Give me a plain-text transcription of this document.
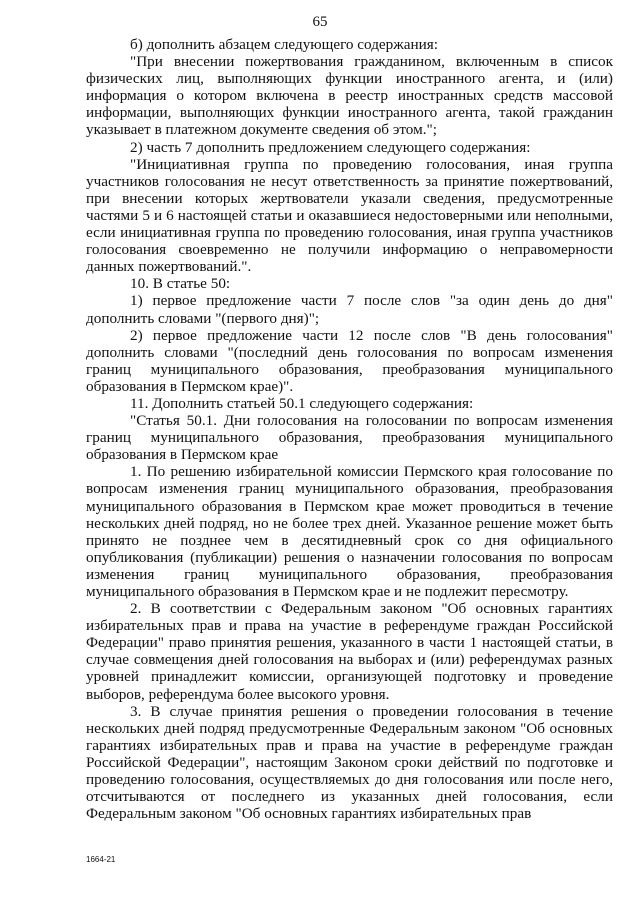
65

б) дополнить абзацем следующего содержания:

"При внесении пожертвования гражданином, включенным в список физических лиц, выполняющих функции иностранного агента, и (или) информация о котором включена в реестр иностранных средств массовой информации, выполняющих функции иностранного агента, такой гражданин указывает в платежном документе сведения об этом.";

2) часть 7 дополнить предложением следующего содержания:

"Инициативная группа по проведению голосования, иная группа участников голосования не несут ответственность за принятие пожертвований, при внесении которых жертвователи указали сведения, предусмотренные частями 5 и 6 настоящей статьи и оказавшиеся недостоверными или неполными, если инициативная группа по проведению голосования, иная группа участников голосования своевременно не получили информацию о неправомерности данных пожертвований.".

10. В статье 50:

1) первое предложение части 7 после слов "за один день до дня" дополнить словами "(первого дня)";

2) первое предложение части 12 после слов "В день голосования" дополнить словами "(последний день голосования по вопросам изменения границ муниципального образования, преобразования муниципального образования в Пермском крае)".

11. Дополнить статьей 50.1 следующего содержания:

"Статья 50.1. Дни голосования на голосовании по вопросам изменения границ муниципального образования, преобразования муниципального образования в Пермском крае

1. По решению избирательной комиссии Пермского края голосование по вопросам изменения границ муниципального образования, преобразования муниципального образования в Пермском крае может проводиться в течение нескольких дней подряд, но не более трех дней. Указанное решение может быть принято не позднее чем в десятидневный срок со дня официального опубликования (публикации) решения о назначении голосования по вопросам изменения границ муниципального образования, преобразования муниципального образования в Пермском крае и не подлежит пересмотру.

2. В соответствии с Федеральным законом "Об основных гарантиях избирательных прав и права на участие в референдуме граждан Российской Федерации" право принятия решения, указанного в части 1 настоящей статьи, в случае совмещения дней голосования на выборах и (или) референдумах разных уровней принадлежит комиссии, организующей подготовку и проведение выборов, референдума более высокого уровня.

3. В случае принятия решения о проведении голосования в течение нескольких дней подряд предусмотренные Федеральным законом "Об основных гарантиях избирательных прав и права на участие в референдуме граждан Российской Федерации", настоящим Законом сроки действий по подготовке и проведению голосования, осуществляемых до дня голосования или после него, отсчитываются от последнего из указанных дней голосования, если Федеральным законом "Об основных гарантиях избирательных прав

1664-21
